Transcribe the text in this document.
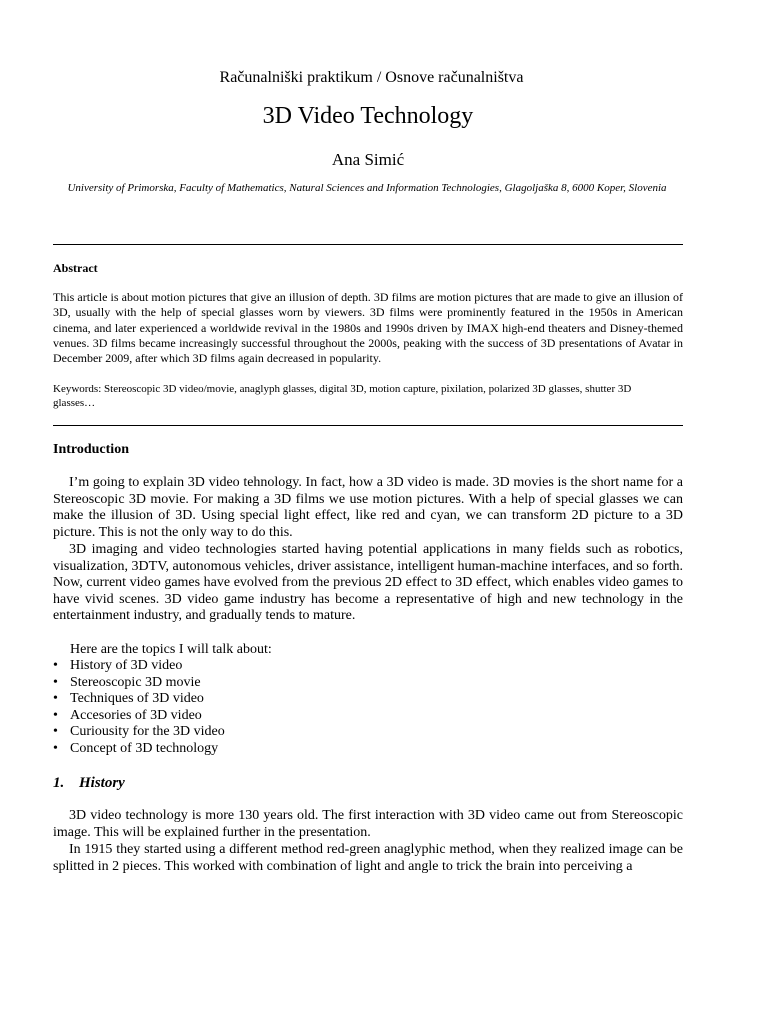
Računalniški praktikum / Osnove računalništva
3D Video Technology
Ana Simić
University of Primorska, Faculty of Mathematics, Natural Sciences and Information Technologies, Glagoljaška 8, 6000 Koper, Slovenia
Abstract
This article is about motion pictures that give an illusion of depth. 3D films are motion pictures that are made to give an illusion of 3D, usually with the help of special glasses worn by viewers. 3D films were prominently featured in the 1950s in American cinema, and later experienced a worldwide revival in the 1980s and 1990s driven by IMAX high-end theaters and Disney-themed venues. 3D films became increasingly successful throughout the 2000s, peaking with the success of 3D presentations of Avatar in December 2009, after which 3D films again decreased in popularity.
Keywords: Stereoscopic 3D video/movie, anaglyph glasses, digital 3D, motion capture, pixilation, polarized 3D glasses, shutter 3D glasses…
Introduction

I’m going to explain 3D video tehnology. In fact, how a 3D video is made. 3D movies is the short name for a Stereoscopic 3D movie. For making a 3D films we use motion pictures. With a help of special glasses we can make the illusion of 3D. Using special light effect, like red and cyan, we can transform 2D picture to a 3D picture. This is not the only way to do this.

3D imaging and video technologies started having potential applications in many fields such as robotics, visualization, 3DTV, autonomous vehicles, driver assistance, intelligent human-machine interfaces, and so forth. Now, current video games have evolved from the previous 2D effect to 3D effect, which enables video games to have vivid scenes. 3D video game industry has become a representative of high and new technology in the entertainment industry, and gradually tends to mature.

Here are the topics I will talk about:
• History of 3D video
• Stereoscopic 3D movie
• Techniques of 3D video
• Accesories of 3D video
• Curiousity for the 3D video
• Concept of 3D technology
1. History

3D video technology is more 130 years old. The first interaction with 3D video came out from Stereoscopic image. This will be explained further in the presentation.

In 1915 they started using a different method red-green anaglyphic method, when they realized image can be splitted in 2 pieces. This worked with combination of light and angle to trick the brain into perceiving a
